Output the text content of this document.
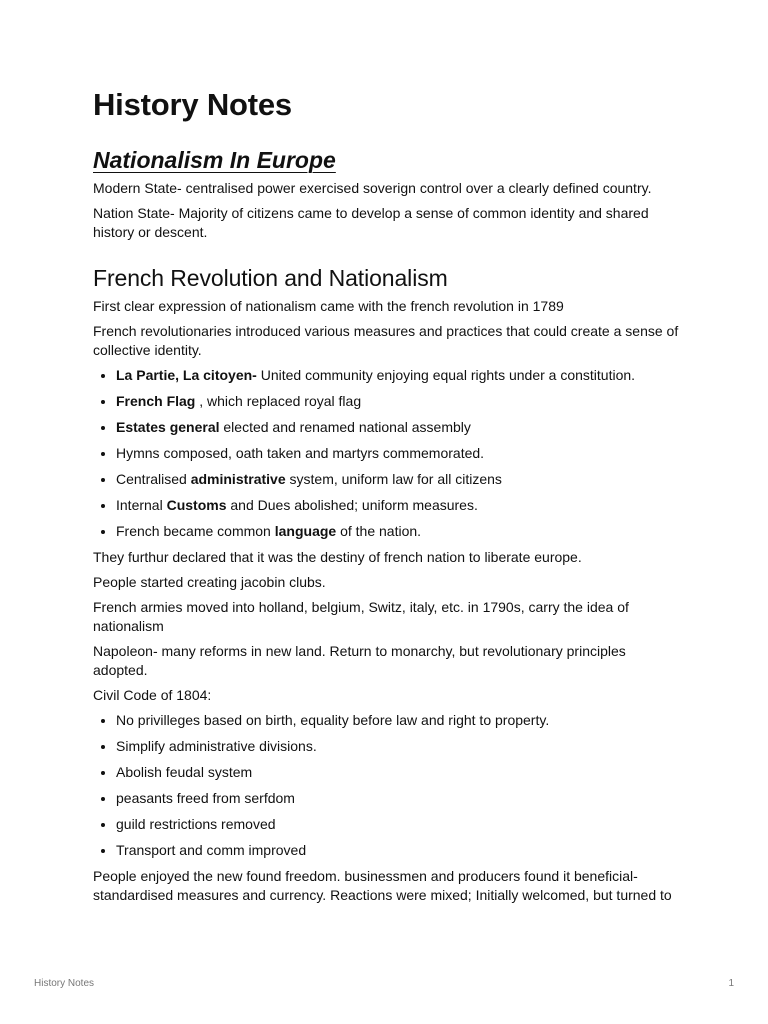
History Notes
Nationalism In Europe

Modern State- centralised power exercised soverign control over a clearly defined country.

Nation State- Majority of citizens came to develop a sense of common identity and shared history or descent.

French Revolution and Nationalism

First clear expression of nationalism came with the french revolution in 1789

French revolutionaries introduced various measures and practices that could create a sense of collective identity.

• La Partie, La citoyen- United community enjoying equal rights under a constitution.
• French Flag , which replaced royal flag
• Estates general elected and renamed national assembly
• Hymns composed, oath taken and martyrs commemorated.
• Centralised administrative system, uniform law for all citizens
• Internal Customs and Dues abolished; uniform measures.
• French became common language of the nation.

They furthur declared that it was the destiny of french nation to liberate europe.

People started creating jacobin clubs.

French armies moved into holland, belgium, Switz, italy, etc. in 1790s, carry the idea of nationalism

Napoleon- many reforms in new land. Return to monarchy, but revolutionary principles adopted.

Civil Code of 1804:

• No privilleges based on birth, equality before law and right to property.
• Simplify administrative divisions.
• Abolish feudal system
• peasants freed from serfdom
• guild restrictions removed
• Transport and comm improved

People enjoyed the new found freedom. businessmen and producers found it beneficial- standardised measures and currency. Reactions were mixed; Initially welcomed, but turned to

History Notes	1
